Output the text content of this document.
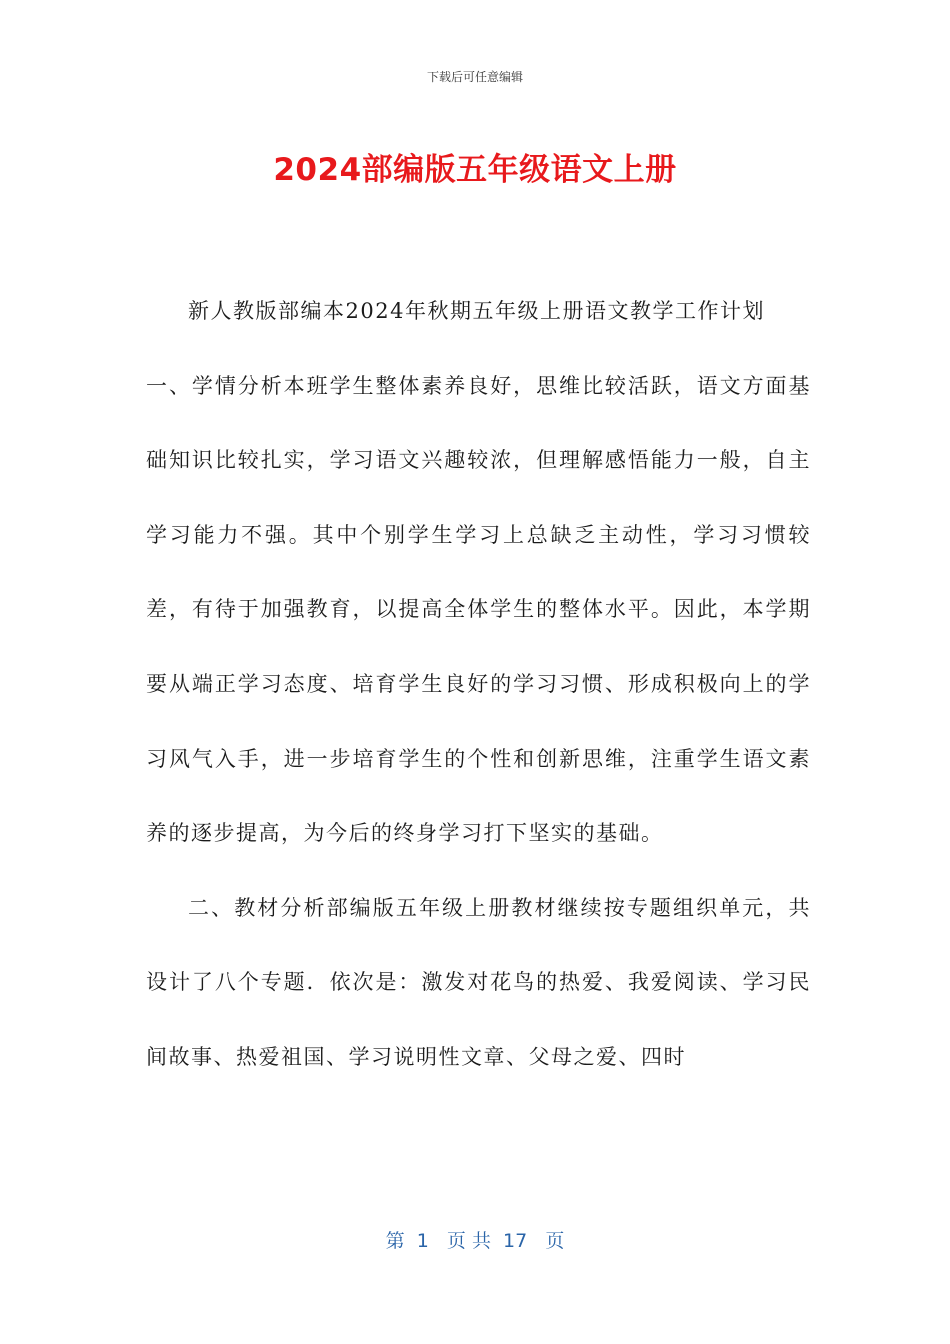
下载后可任意编辑
2024部编版五年级语文上册

新人教版部编本2024年秋期五年级上册语文教学工作计划

一、学情分析本班学生整体素养良好，思维比较活跃，语文方面基础知识比较扎实，学习语文兴趣较浓，但理解感悟能力一般，自主学习能力不强。其中个别学生学习上总缺乏主动性，学习习惯较差，有待于加强教育，以提高全体学生的整体水平。因此，本学期要从端正学习态度、培育学生良好的学习习惯、形成积极向上的学习风气入手，进一步培育学生的个性和创新思维，注重学生语文素养的逐步提高，为今后的终身学习打下坚实的基础。

二、教材分析部编版五年级上册教材继续按专题组织单元，共设计了八个专题．依次是：激发对花鸟的热爱、我爱阅读、学习民间故事、热爱祖国、学习说明性文章、父母之爱、四时

第  1   页 共  17   页
